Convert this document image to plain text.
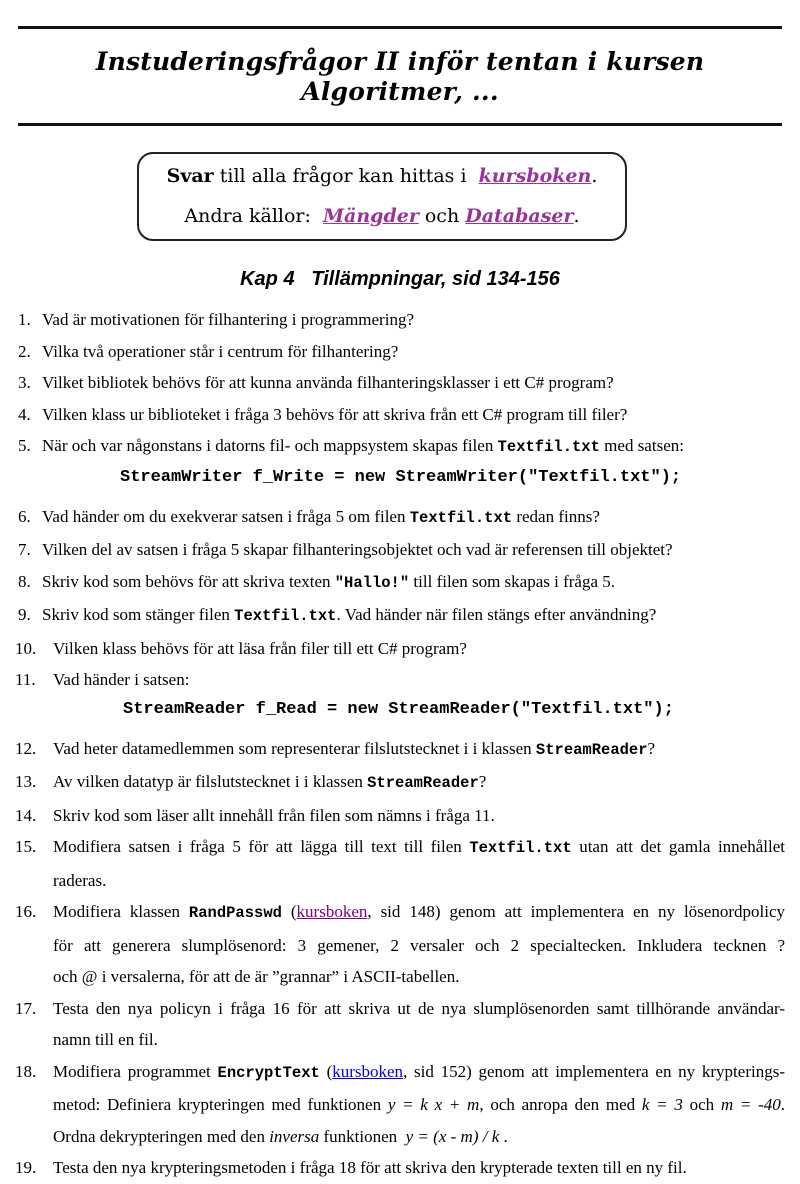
Instuderingsfrågor II inför tentan i kursen Algoritmer, ...
Svar till alla frågor kan hittas i  kursboken.
Andra källor:  Mängder och Databaser.
Kap 4   Tillämpningar, sid 134-156
1. Vad är motivationen för filhantering i programmering?
2. Vilka två operationer står i centrum för filhantering?
3. Vilket bibliotek behövs för att kunna använda filhanteringsklasser i ett C# program?
4. Vilken klass ur biblioteket i fråga 3 behövs för att skriva från ett C# program till filer?
5. När och var någonstans i datorns fil- och mappsystem skapas filen Textfil.txt med satsen:
StreamWriter f_Write = new StreamWriter("Textfil.txt");
6. Vad händer om du exekverar satsen i fråga 5 om filen Textfil.txt redan finns?
7. Vilken del av satsen i fråga 5 skapar filhanteringsobjektet och vad är referensen till objektet?
8. Skriv kod som behövs för att skriva texten "Hallo!" till filen som skapas i fråga 5.
9. Skriv kod som stänger filen Textfil.txt. Vad händer när filen stängs efter användning?
10. Vilken klass behövs för att läsa från filer till ett C# program?
11.	Vad händer i satsen:
StreamReader f_Read = new StreamReader("Textfil.txt");
12. Vad heter datamedlemmen som representerar filslutstecknet i i klassen StreamReader?
13. Av vilken datatyp är filslutstecknet i i klassen StreamReader?
14. Skriv kod som läser allt innehåll från filen som nämns i fråga 11.
15. Modifiera satsen i fråga 5 för att lägga till text till filen Textfil.txt utan att det gamla innehållet
raderas.
16. Modifiera klassen RandPasswd (kursboken, sid 148) genom att implementera en ny lösenordpolicy
för att generera slumplösenord: 3 gemener, 2 versaler och 2 specialtecken. Inkludera tecknen ?
och @ i versalerna, för att de är ”grannar” i ASCII-tabellen.
17. Testa den nya policyn i fråga 16 för att skriva ut de nya slumplösenorden samt tillhörande användar-
namn till en fil.
18. Modifiera programmet EncryptText (kursboken, sid 152) genom att implementera en ny krypterings-
metod: Definiera krypteringen med funktionen y = k x + m, och anropa den med k = 3 och m = -40.
Ordna dekrypteringen med den inversa funktionen  y = (x - m) / k .
19. Testa den nya krypteringsmetoden i fråga 18 för att skriva den krypterade texten till en ny fil.
